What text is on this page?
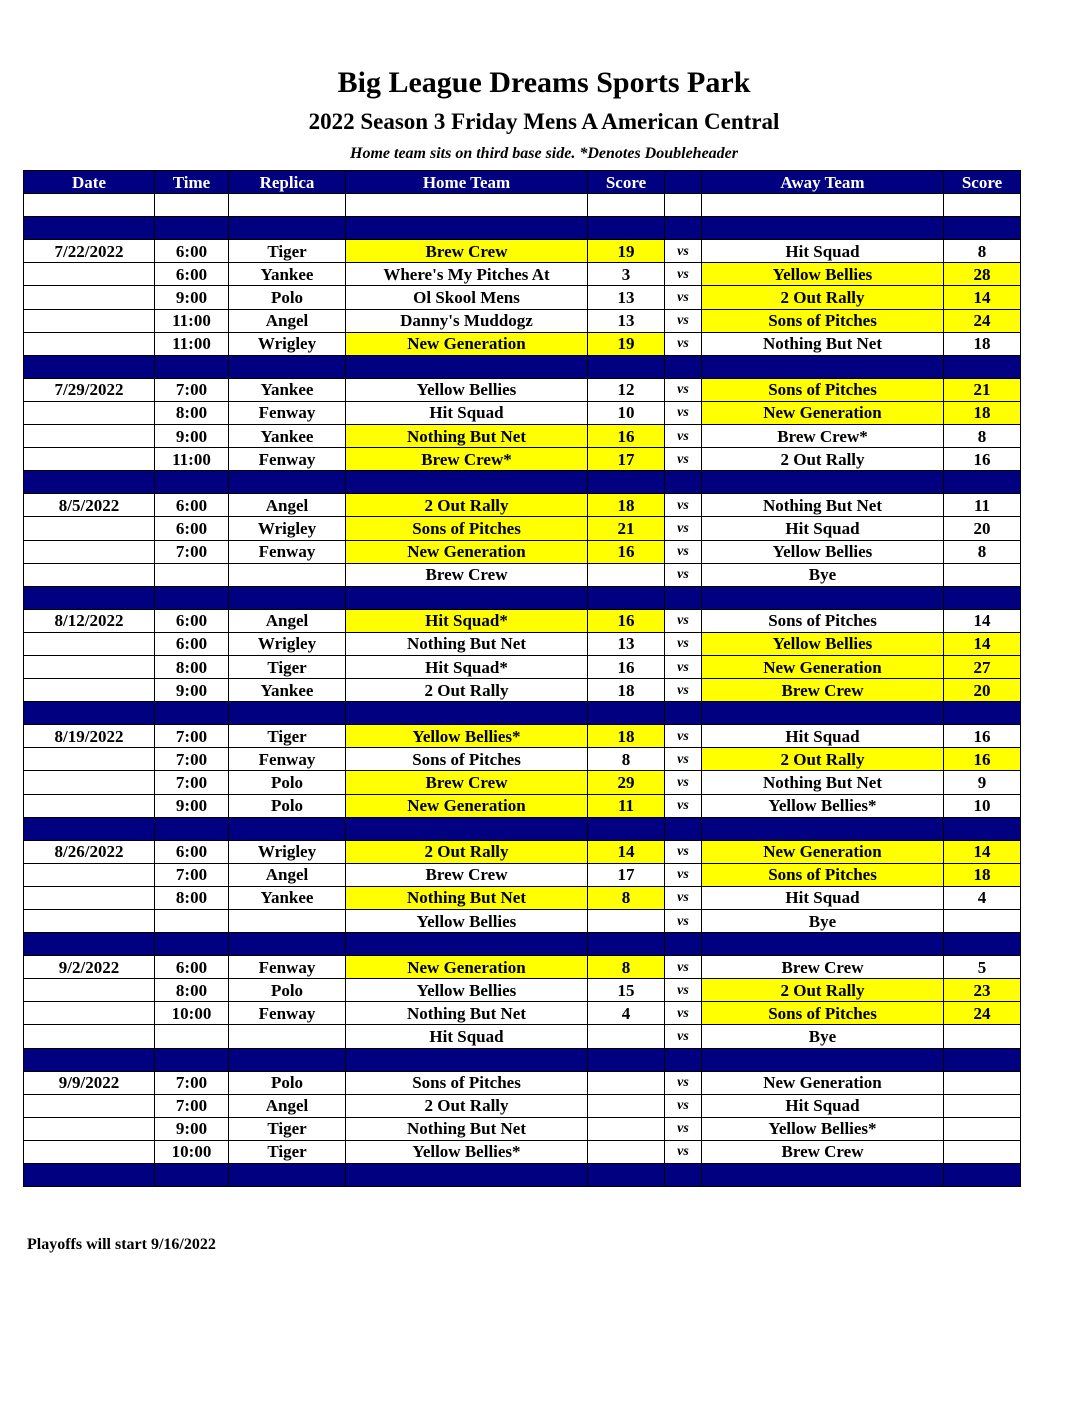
Big League Dreams Sports Park
2022 Season 3 Friday Mens A American Central
Home team sits on third base side. *Denotes Doubleheader
Date	Time	Replica	Home Team	Score		Away Team	Score

7/22/2022	6:00	Tiger	Brew Crew	19	vs	Hit Squad	8
	6:00	Yankee	Where's My Pitches At	3	vs	Yellow Bellies	28
	9:00	Polo	Ol Skool Mens	13	vs	2 Out Rally	14
	11:00	Angel	Danny's Muddogz	13	vs	Sons of Pitches	24
	11:00	Wrigley	New Generation	19	vs	Nothing But Net	18

7/29/2022	7:00	Yankee	Yellow Bellies	12	vs	Sons of Pitches	21
	8:00	Fenway	Hit Squad	10	vs	New Generation	18
	9:00	Yankee	Nothing But Net	16	vs	Brew Crew*	8
	11:00	Fenway	Brew Crew*	17	vs	2 Out Rally	16

8/5/2022	6:00	Angel	2 Out Rally	18	vs	Nothing But Net	11
	6:00	Wrigley	Sons of Pitches	21	vs	Hit Squad	20
	7:00	Fenway	New Generation	16	vs	Yellow Bellies	8
			Brew Crew		vs	Bye	

8/12/2022	6:00	Angel	Hit Squad*	16	vs	Sons of Pitches	14
	6:00	Wrigley	Nothing But Net	13	vs	Yellow Bellies	14
	8:00	Tiger	Hit Squad*	16	vs	New Generation	27
	9:00	Yankee	2 Out Rally	18	vs	Brew Crew	20

8/19/2022	7:00	Tiger	Yellow Bellies*	18	vs	Hit Squad	16
	7:00	Fenway	Sons of Pitches	8	vs	2 Out Rally	16
	7:00	Polo	Brew Crew	29	vs	Nothing But Net	9
	9:00	Polo	New Generation	11	vs	Yellow Bellies*	10

8/26/2022	6:00	Wrigley	2 Out Rally	14	vs	New Generation	14
	7:00	Angel	Brew Crew	17	vs	Sons of Pitches	18
	8:00	Yankee	Nothing But Net	8	vs	Hit Squad	4
			Yellow Bellies		vs	Bye	

9/2/2022	6:00	Fenway	New Generation	8	vs	Brew Crew	5
	8:00	Polo	Yellow Bellies	15	vs	2 Out Rally	23
	10:00	Fenway	Nothing But Net	4	vs	Sons of Pitches	24
			Hit Squad		vs	Bye	

9/9/2022	7:00	Polo	Sons of Pitches		vs	New Generation	
	7:00	Angel	2 Out Rally		vs	Hit Squad	
	9:00	Tiger	Nothing But Net		vs	Yellow Bellies*	
	10:00	Tiger	Yellow Bellies*		vs	Brew Crew	

Playoffs will start 9/16/2022
